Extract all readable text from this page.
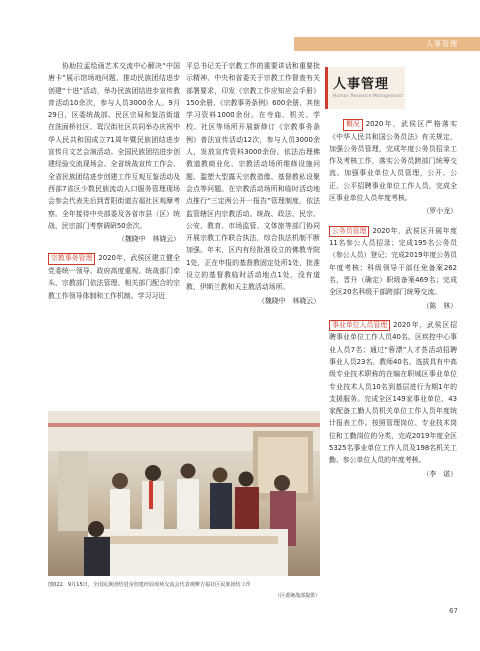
人事管理

协助拉孟绘画艺术交流中心解决“中国唐卡”展示馆场地问题，推动民族团结进步创建“十进”活动，举办民族团结进步宣传教育活动10余次，参与人员3000余人。9月29日，区委统战部、民区宗局和鉴洁街道在洗面桥社区、鸳汉街社区共同举办庆祝中华人民共和国成立71周年暨民族团结进步宣传月文艺会演活动。全国民族团结进步创建经验交流现场会、全省统战宣传工作会、全省民族团结进步创建工作互观互鉴活动及西部7省区少数民族流动人口服务管理现场会参会代表先后到晋阳街道吉福社区观摩考察。全年接待中央部委及各省市县（区）统战、民宗部门考察调研50余次。

（魏晓中　林晓云）

宗教事务管理 2020年，武侯区建立健全党委统一领导、政府高度重视、统战部门牵头、宗教部门依法管理、相关部门配合的宗教工作领导体制和工作机制。学习习近

平总书记关于宗教工作的重要讲话和重要批示精神、中央和省委关于宗教工作督查有关部署要求，印发《宗教工作应知应会手册》150余册、《宗教事务条例》600余册、其他学习资料1000余份。在寺庙、机关、学校、社区等场所开展新修订《宗教事务条例》普法宣传活动12次，参与人员3000余人，发放宣传资料3000余份。依法治理佛教道教商业化、宗教活动场所维修设施问题、滥塑大型露天宗教造像、基督教私设聚会点等问题。在宗教活动场所和临时活动地点推行“三定两公开一报告”管理制度，依法监管辖区内宗教活动。统战、政法、民宗、公安、教育、市场监管、文体旅等部门协同开展宗教工作联合执法，综合执法机制不断加强。年末，区内有经批准设立的佛教寺院1处，正在申报的基督教固定处所1处，批准设立的基督教临时活动地点1处，没有道教、伊斯兰教和天主教活动场所。

（魏晓中　林晓云）
人事管理
Human Resource Management

概况 2020年，武侯区严格落实《中华人民共和国公务员法》有关规定，加强公务员管理，完成年度公务员招录工作及考核工作，落实公务员跨部门统筹交流。加强事业单位人员管理，公开、公正、公平招聘事业单位工作人员，完成全区事业单位人员年度考核。

（罗小龙）

公务员管理 2020年，武侯区开展年度11名参公人员招录；完成195名公务员（参公人员）登记；完成2019年度公务员年度考核；科级领导干部任免备案262名，晋升（确定）职级备案469名；完成全区20名科级干部跨部门统筹交流。

（陈　林）

事业单位人员管理 2020年，武侯区招聘事业单位工作人员40名。区疾控中心事业人员7名；通过“蓉漂”人才荟活动招聘事业人员23名、教师40名。选拔具有中高级专业技术职称的在编在职城区事业单位专业技术人员10名到基层进行为期1年的支援服务。完成全区149家事业单位、43家配备工勤人员机关单位工作人员年度统计报表工作。按照管理岗位、专业技术岗位和工勤岗位的分类，完成2019年度全区5325名事业单位工作人员及198名机关工勤、参公单位人员的年度考核。

（李　诺）
图022　9月15日，全国民族团结进步创建经验现场交流会代表观摩吉福社区民族团结工作
（区委统战部提供）
67
